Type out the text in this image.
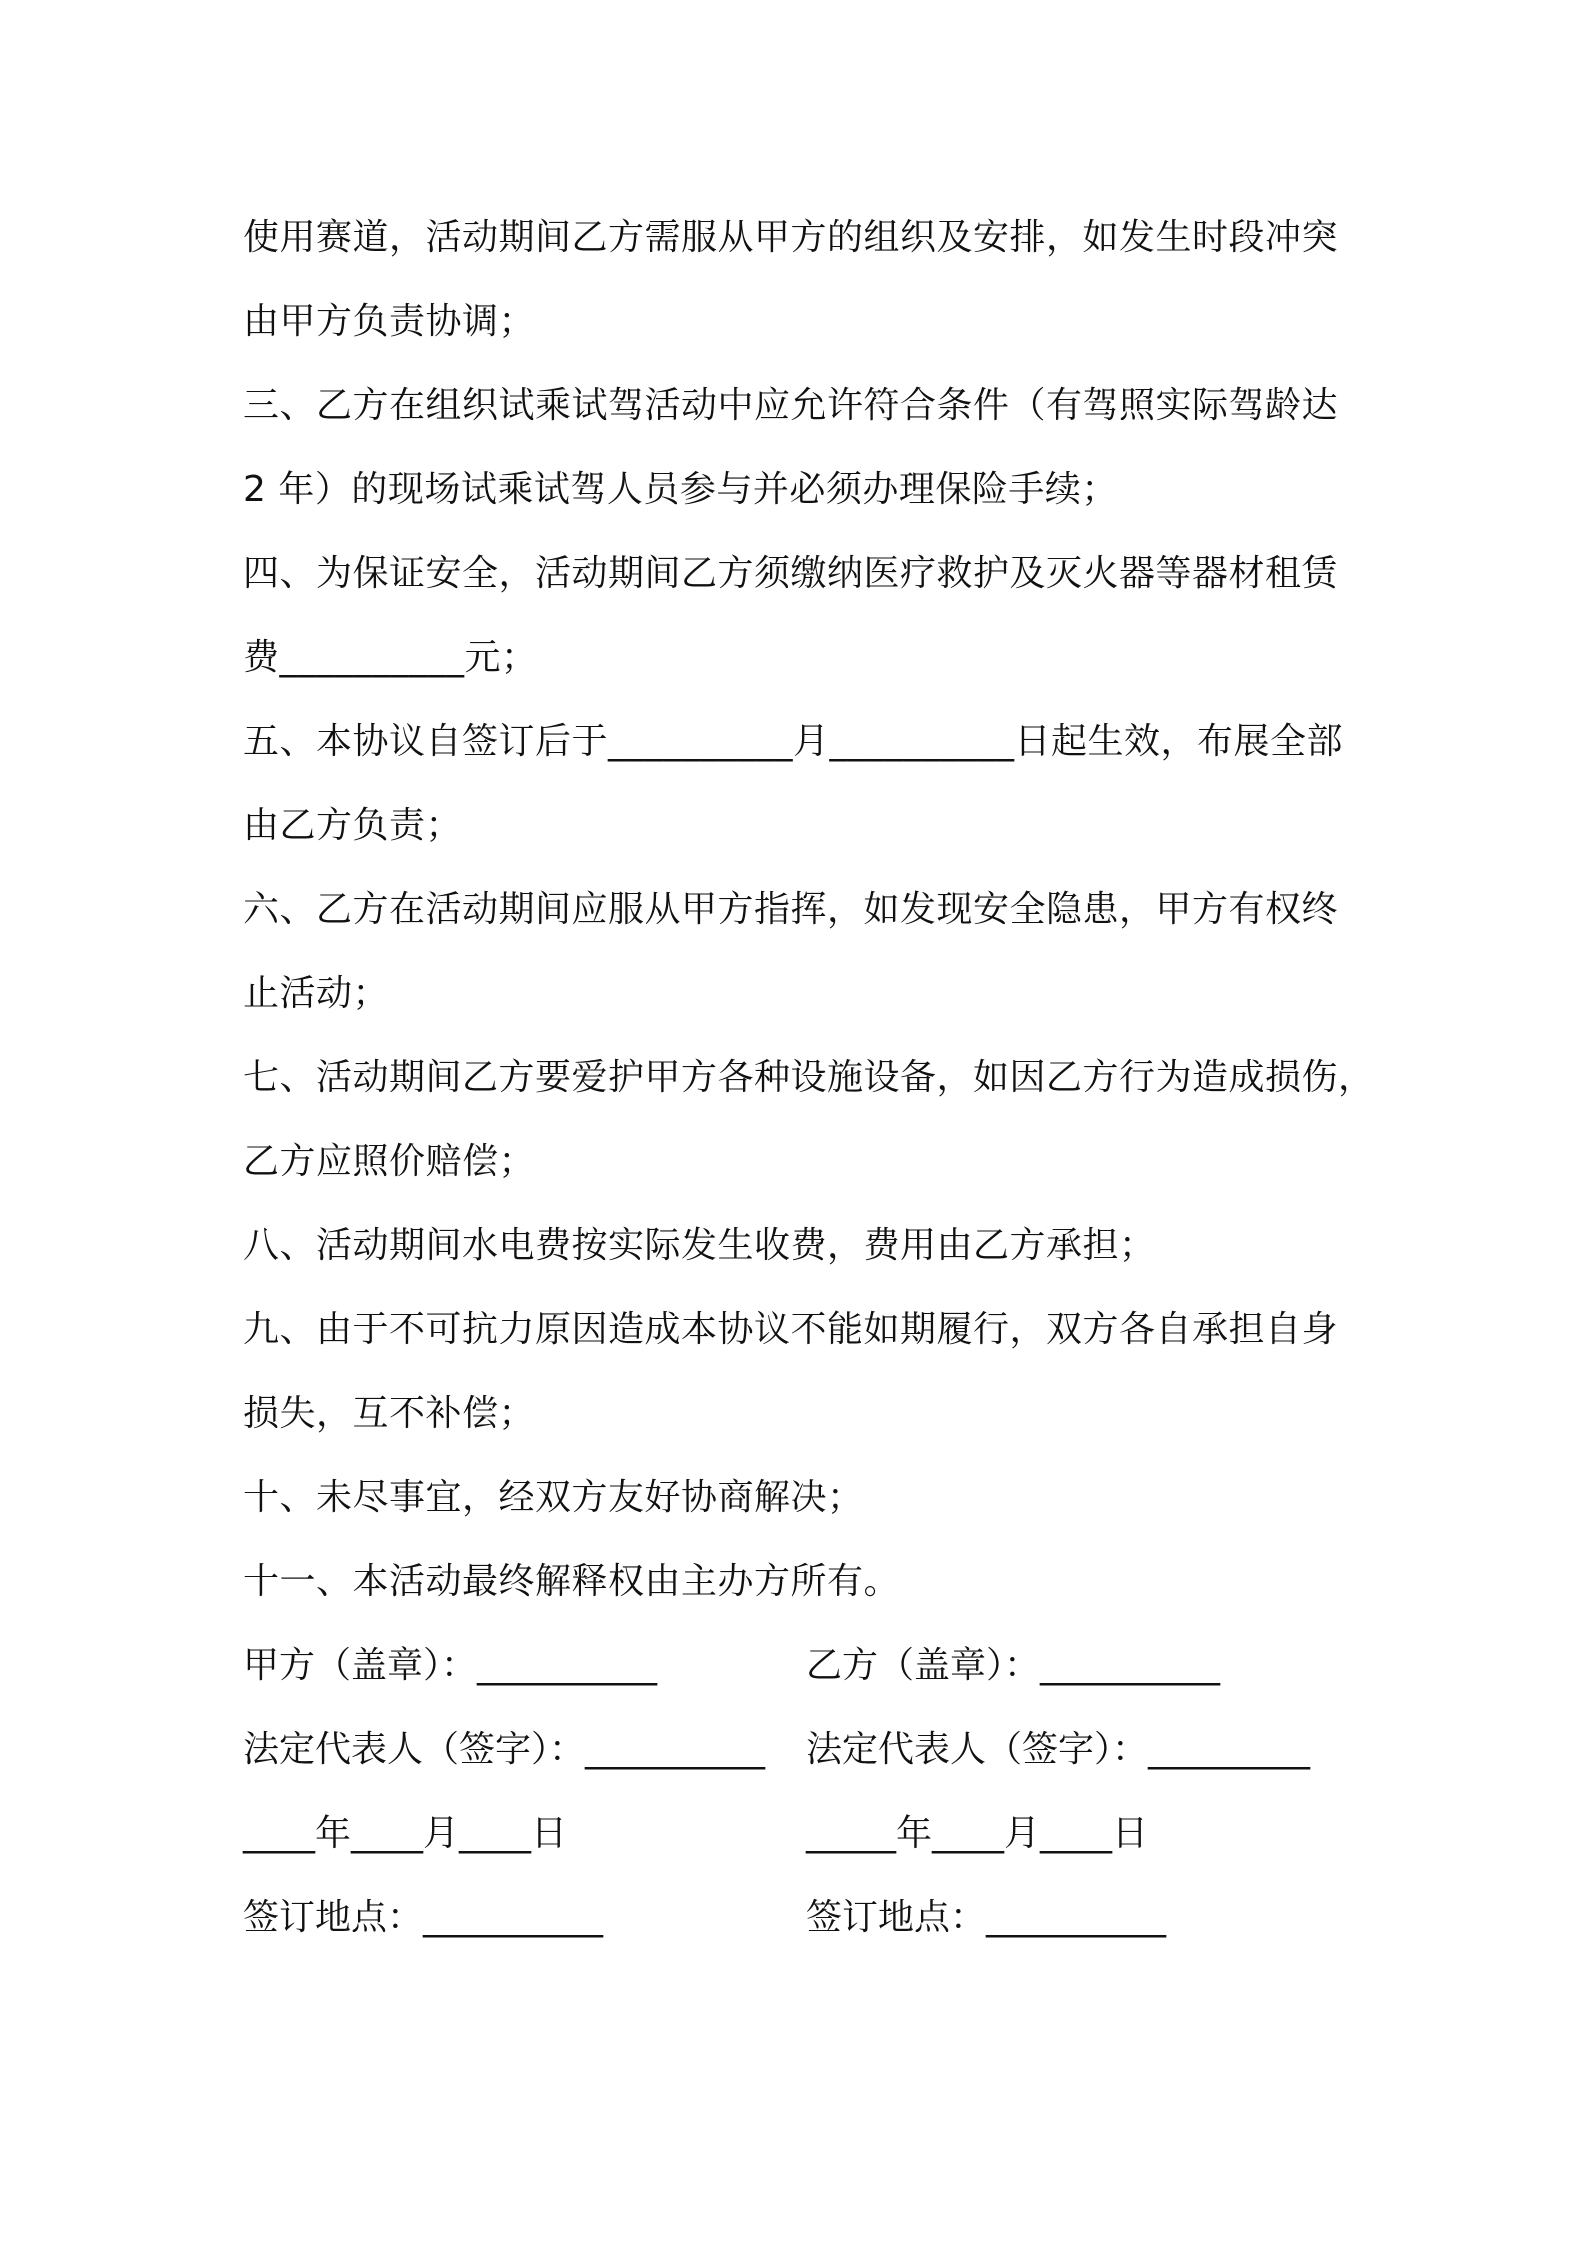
使用赛道，活动期间乙方需服从甲方的组织及安排，如发生时段冲突
由甲方负责协调；
三、乙方在组织试乘试驾活动中应允许符合条件（有驾照实际驾龄达
2 年）的现场试乘试驾人员参与并必须办理保险手续；
四、为保证安全，活动期间乙方须缴纳医疗救护及灭火器等器材租赁
费__________元；
五、本协议自签订后于__________月__________日起生效，布展全部
由乙方负责；
六、乙方在活动期间应服从甲方指挥，如发现安全隐患，甲方有权终
止活动；
七、活动期间乙方要爱护甲方各种设施设备，如因乙方行为造成损伤，
乙方应照价赔偿；
八、活动期间水电费按实际发生收费，费用由乙方承担；
九、由于不可抗力原因造成本协议不能如期履行，双方各自承担自身
损失，互不补偿；
十、未尽事宜，经双方友好协商解决；
十一、本活动最终解释权由主办方所有。
甲方（盖章）：__________	乙方（盖章）：__________
法定代表人（签字）：__________ 法定代表人（签字）：_________
____年____月____日	_____年____月____日
签订地点：__________	签订地点：__________
